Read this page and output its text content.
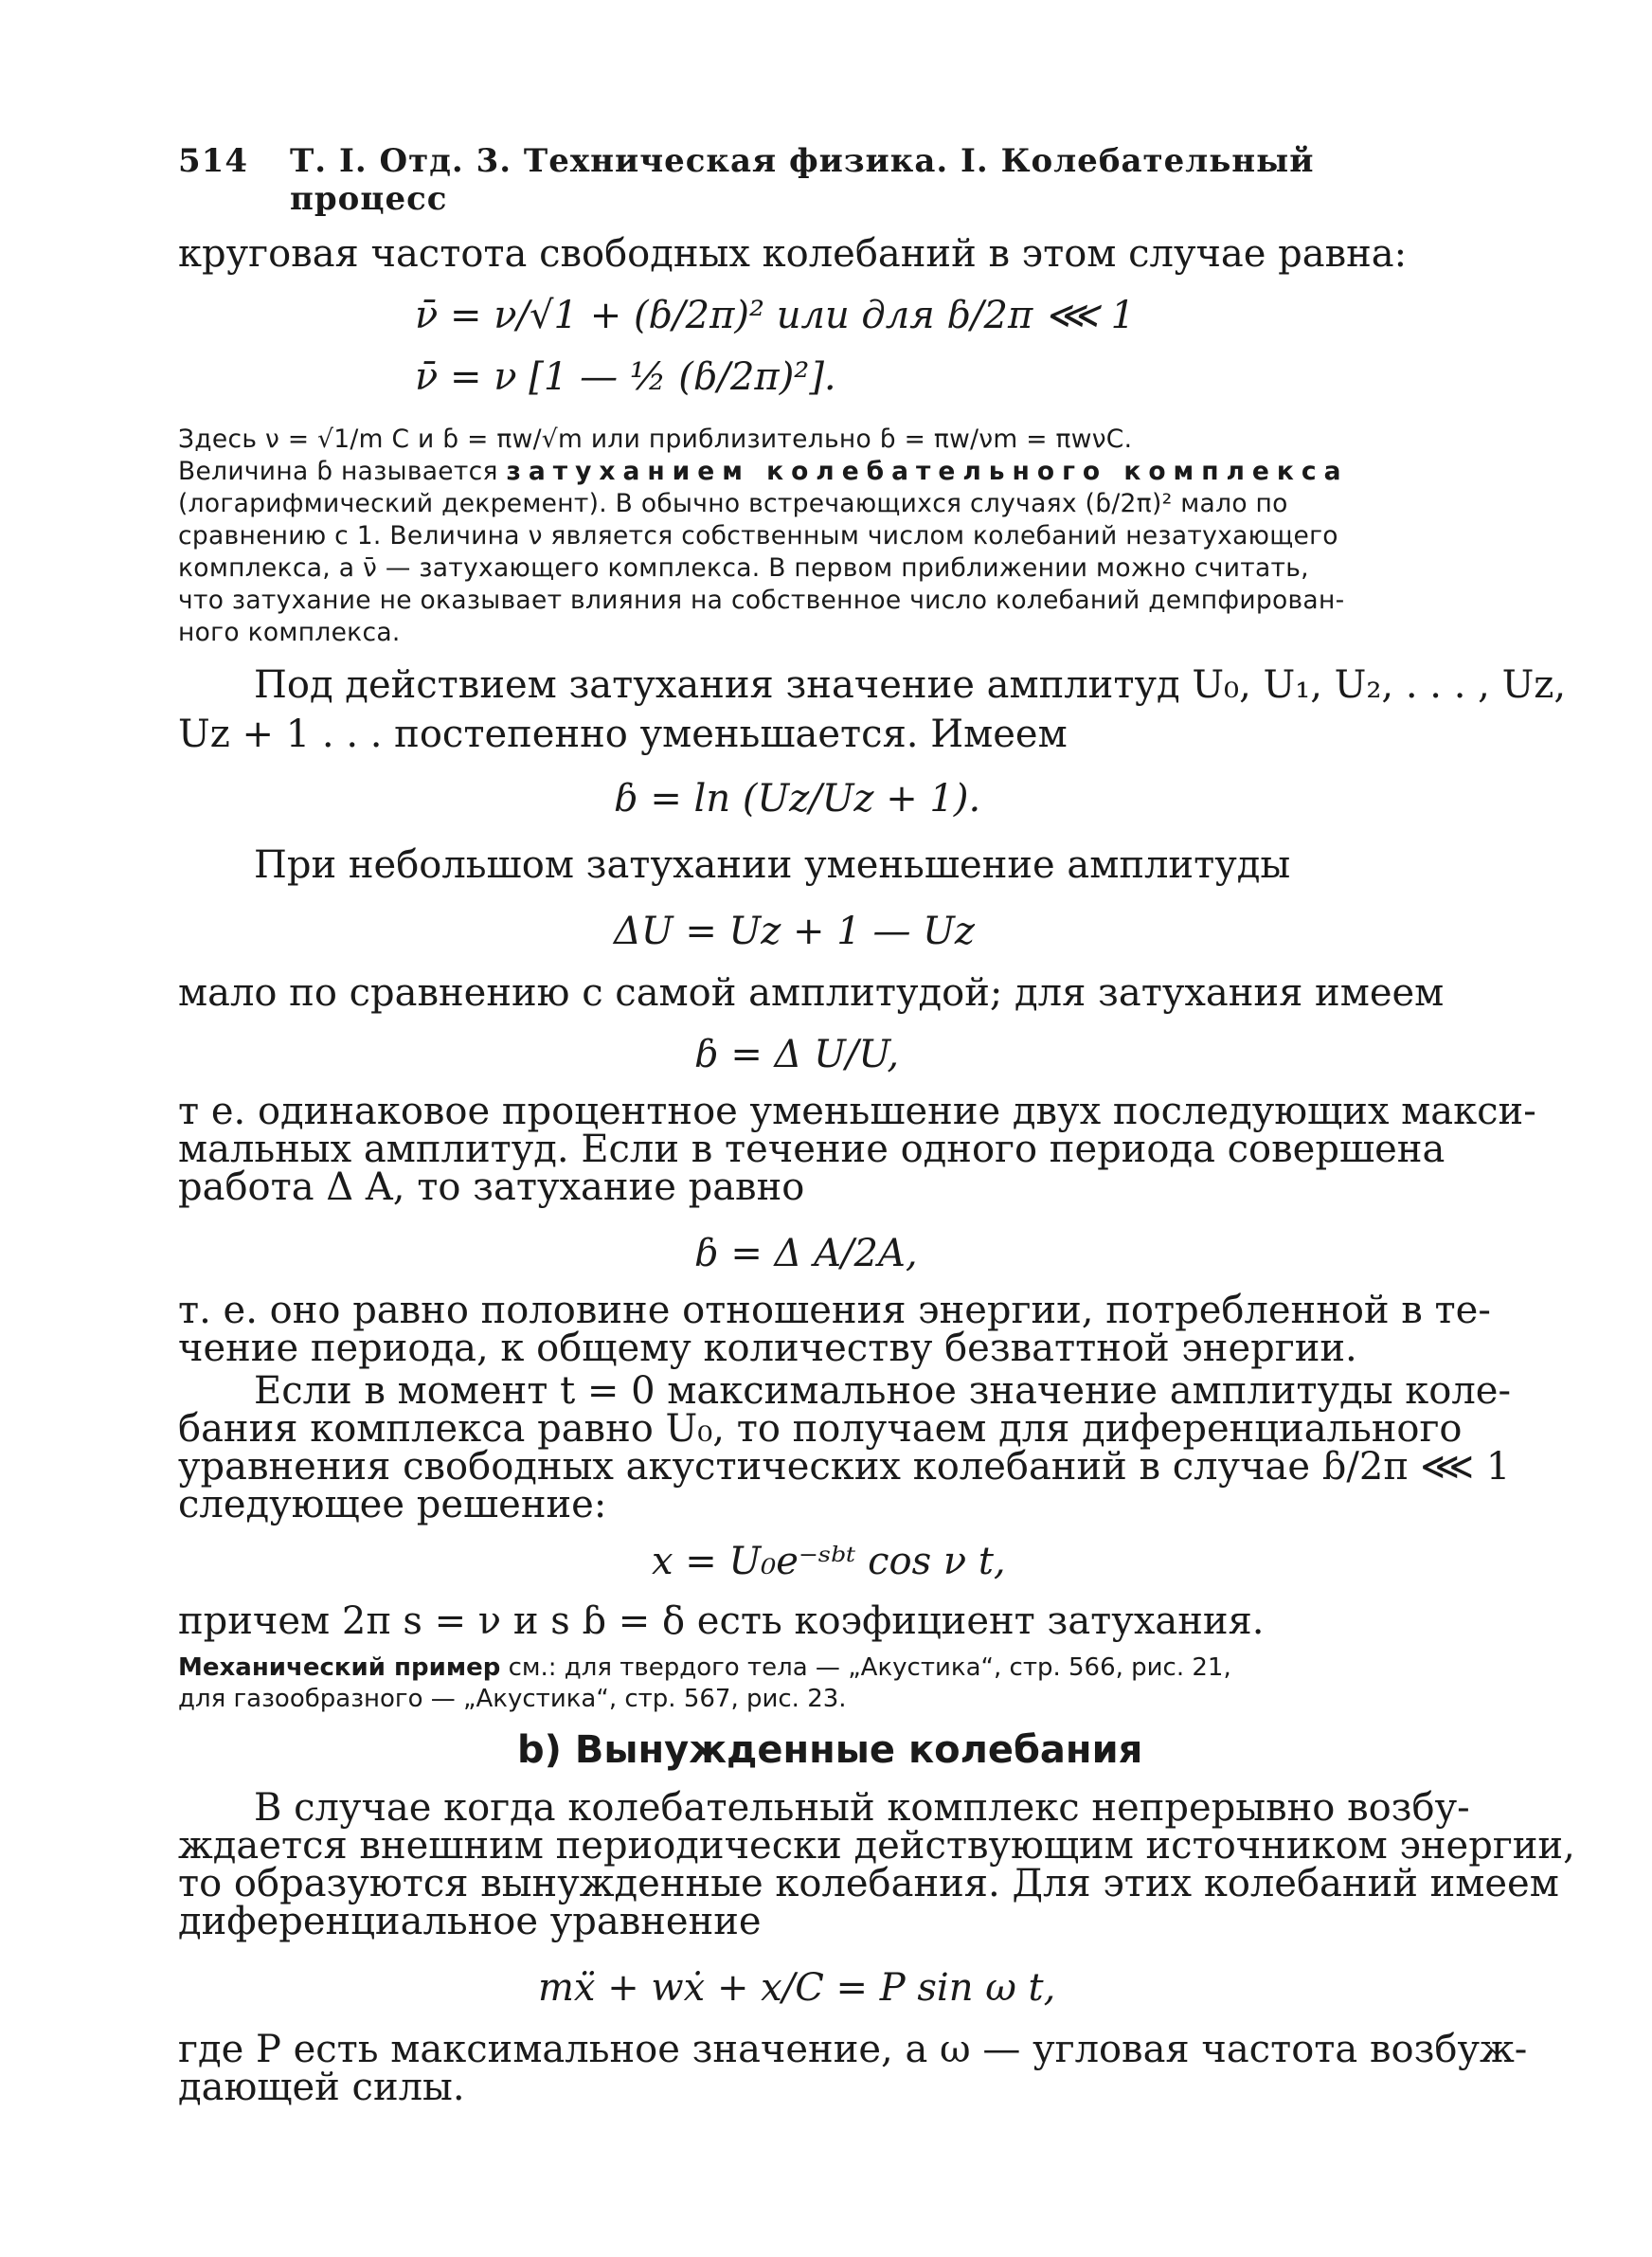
514 Т. I. Отд. 3. Техническая физика. I. Колебательный процесс
круговая частота свободных колебаний в этом случае равна:
ν̄ = ν/√1 + (ɓ/2π)² или для ɓ/2π ⋘ 1
ν̄ = ν [1 — ½ (ɓ/2π)²].
Здесь ν = √1/m C и ɓ = πw/√m или приблизительно ɓ = πw/νm = πwνC.
Величина ɓ называется затуханием колебательного комплекса
(логарифмический декремент). В обычно встречающихся случаях (ɓ/2π)² мало по
сравнению с 1. Величина ν является собственным числом колебаний незатухающего
комплекса, а ν̄ — затухающего комплекса. В первом приближении можно считать,
что затухание не оказывает влияния на собственное число колебаний демпфирован-
ного комплекса.
Под действием затухания значение амплитуд U₀, U₁, U₂, . . . , Uz,
Uz + 1 . . . постепенно уменьшается. Имеем
ɓ = ln (Uz/Uz + 1).
При небольшом затухании уменьшение амплитуды
ΔU = Uz + 1 — Uz
мало по сравнению с самой амплитудой; для затухания имеем
ɓ = Δ U/U,
т е. одинаковое процентное уменьшение двух последующих макси-
мальных амплитуд. Если в течение одного периода совершена
работа Δ A, то затухание равно
ɓ = Δ A/2A,
т. е. оно равно половине отношения энергии, потребленной в те-
чение периода, к общему количеству безваттной энергии.
Если в момент t = 0 максимальное значение амплитуды коле-
бания комплекса равно U₀, то получаем для диференциального
уравнения свободных акустических колебаний в случае ɓ/2π ⋘ 1
следующее решение:
x = U₀e⁻ˢᵇᵗ cos ν t,
причем 2π s = ν и s ɓ = δ есть коэфициент затухания.
Механический пример см.: для твердого тела — „Акустика“, стр. 566, рис. 21,
для газообразного — „Акустика“, стр. 567, рис. 23.
b) Вынужденные колебания
В случае когда колебательный комплекс непрерывно возбу-
ждается внешним периодически действующим источником энергии,
то образуются вынужденные колебания. Для этих колебаний имеем
диференциальное уравнение
mẍ + wẋ + x/C = P sin ω t,
где P есть максимальное значение, а ω — угловая частота возбуж-
дающей силы.
